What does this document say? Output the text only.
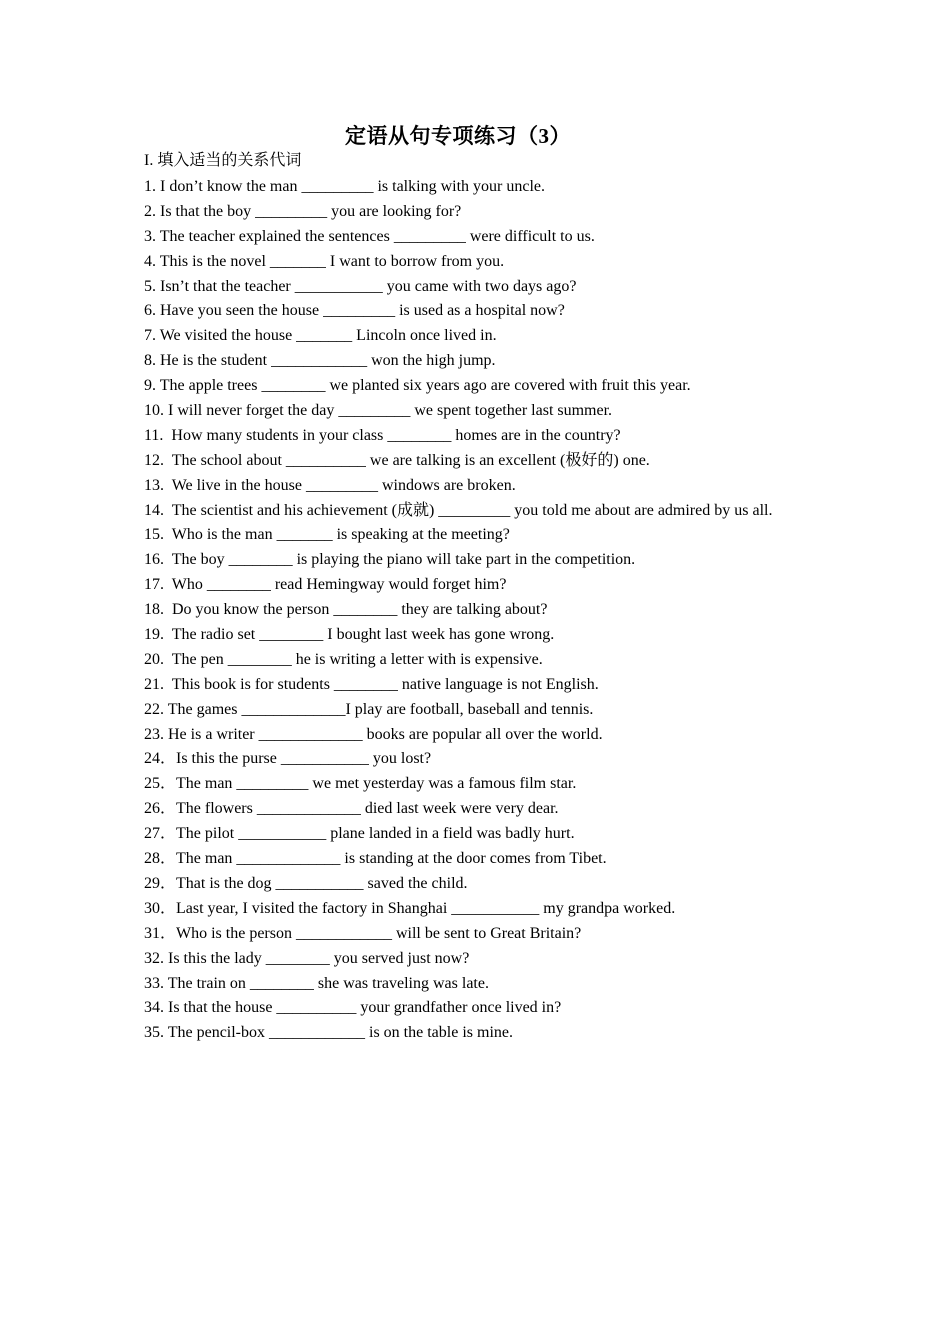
定语从句专项练习（3）
I. 填入适当的关系代词
1. I don’t know the man _________ is talking with your uncle.
2. Is that the boy _________ you are looking for?
3. The teacher explained the sentences _________ were difficult to us.
4. This is the novel _______ I want to borrow from you.
5. Isn’t that the teacher ___________ you came with two days ago?
6. Have you seen the house _________ is used as a hospital now?
7. We visited the house _______ Lincoln once lived in.
8. He is the student ____________ won the high jump.
9. The apple trees ________ we planted six years ago are covered with fruit this year.
10. I will never forget the day _________ we spent together last summer.
11.  How many students in your class ________ homes are in the country?
12.  The school about __________ we are talking is an excellent (极好的) one.
13.  We live in the house _________ windows are broken.
14.  The scientist and his achievement (成就) _________ you told me about are admired by us all.
15.  Who is the man _______ is speaking at the meeting?
16.  The boy ________ is playing the piano will take part in the competition.
17.  Who ________ read Hemingway would forget him?
18.  Do you know the person ________ they are talking about?
19.  The radio set ________ I bought last week has gone wrong.
20.  The pen ________ he is writing a letter with is expensive.
21.  This book is for students ________ native language is not English.
22. The games _____________I play are football, baseball and tennis.
23. He is a writer _____________ books are popular all over the world.
24．Is this the purse ___________ you lost?
25．The man _________ we met yesterday was a famous film star.
26．The flowers _____________ died last week were very dear.
27．The pilot ___________ plane landed in a field was badly hurt.
28．The man _____________ is standing at the door comes from Tibet.
29．That is the dog ___________ saved the child.
30．Last year, I visited the factory in Shanghai ___________ my grandpa worked.
31．Who is the person ____________ will be sent to Great Britain?
32. Is this the lady ________ you served just now?
33. The train on ________ she was traveling was late.
34. Is that the house __________ your grandfather once lived in?
35. The pencil-box ____________ is on the table is mine.
